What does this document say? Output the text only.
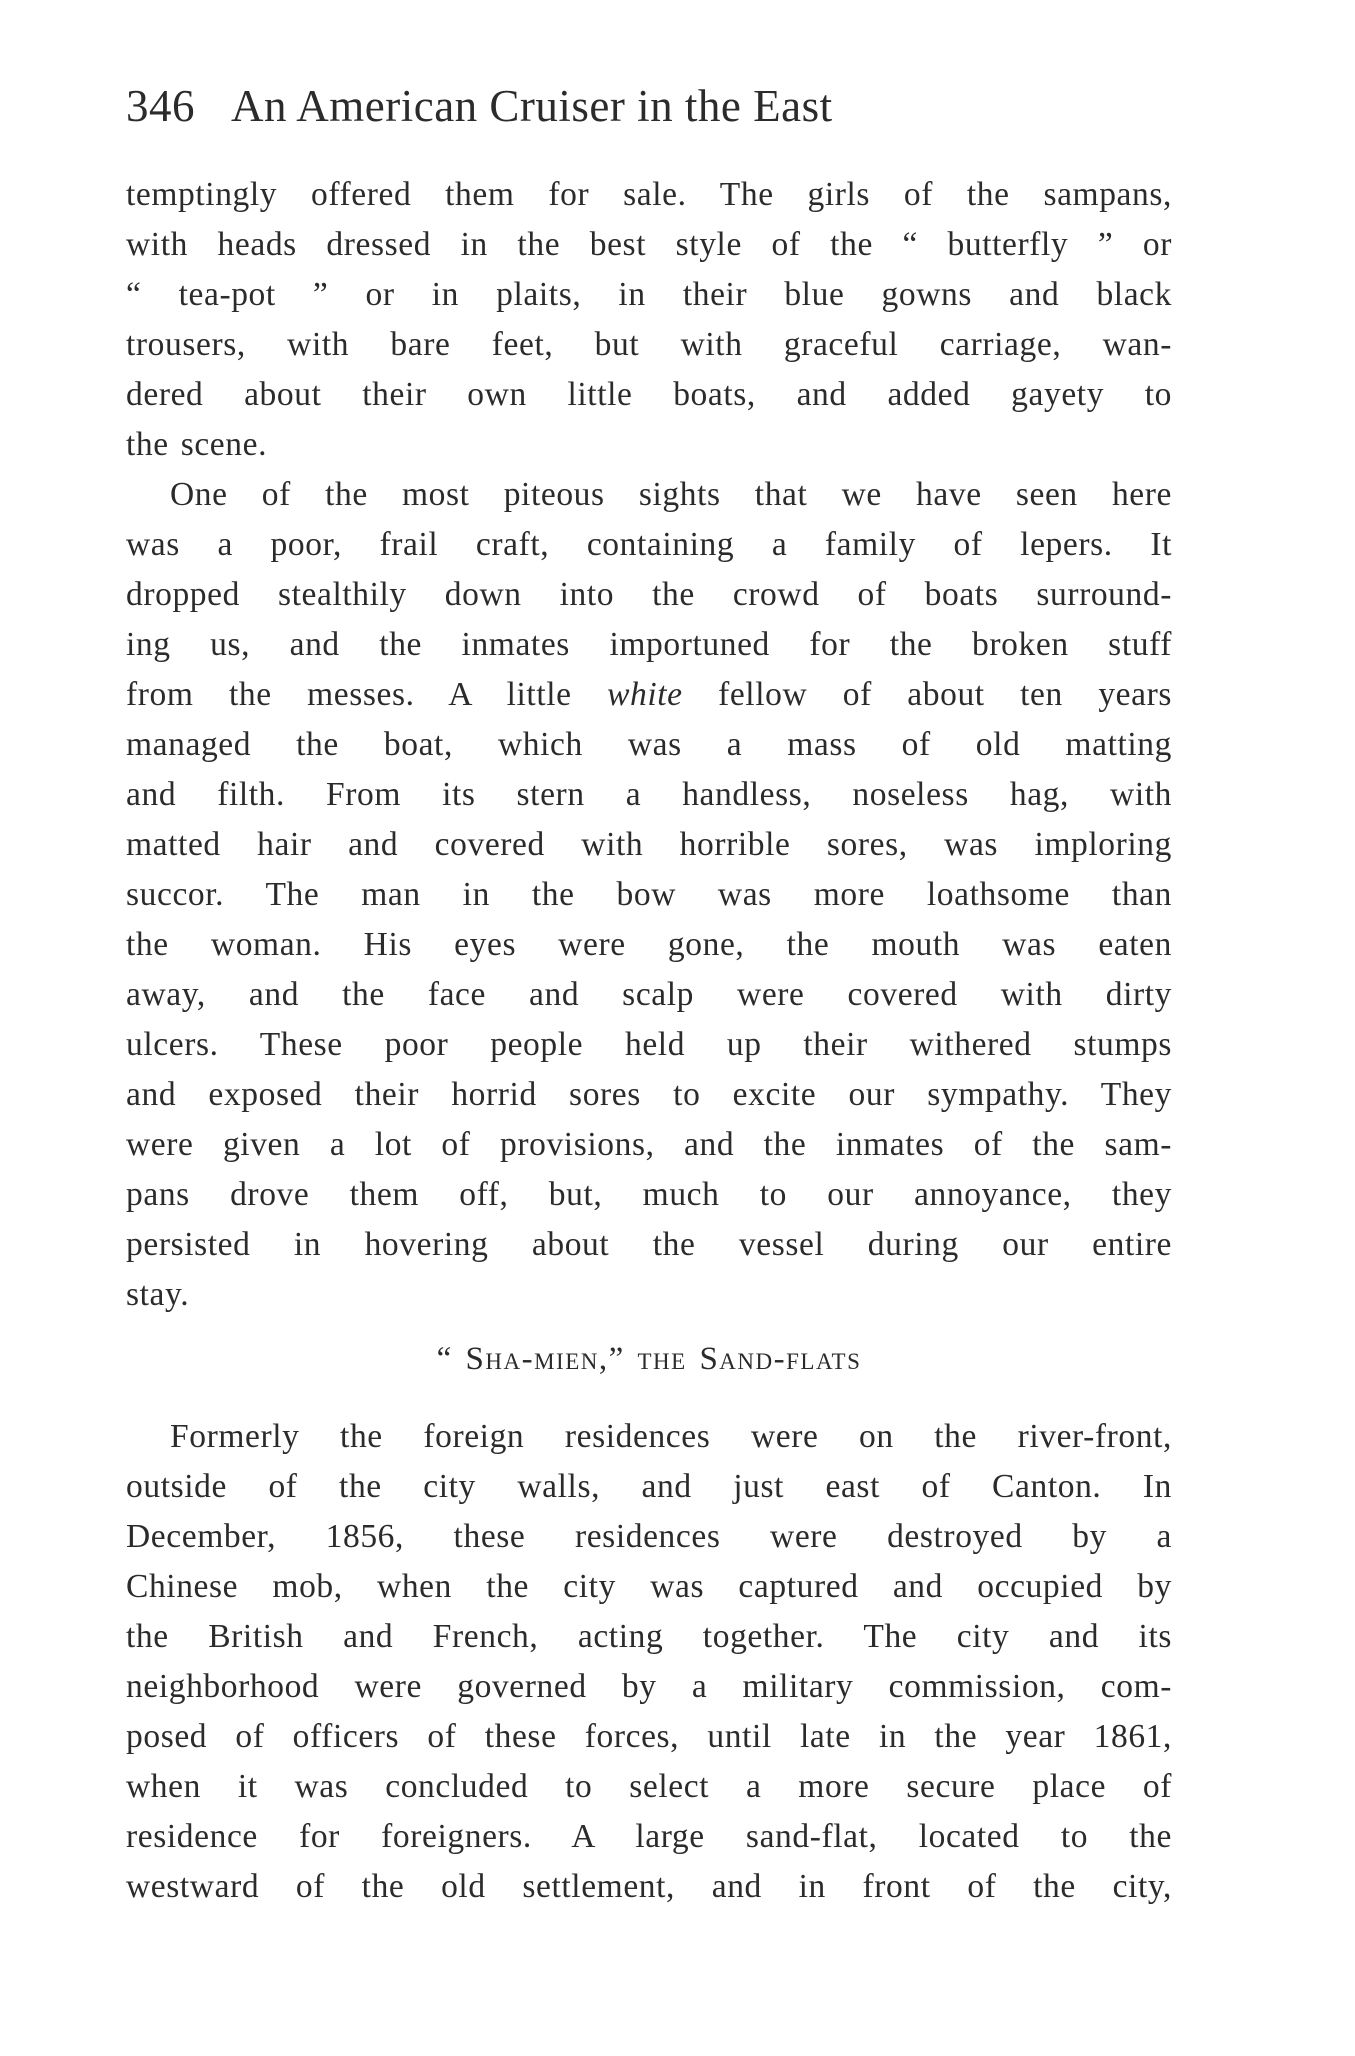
346 An American Cruiser in the East
temptingly offered them for sale. The girls of the sampans,
with heads dressed in the best style of the “ butterfly ” or
“ tea-pot ” or in plaits, in their blue gowns and black
trousers, with bare feet, but with graceful carriage, wan-
dered about their own little boats, and added gayety to
the scene.
One of the most piteous sights that we have seen here
was a poor, frail craft, containing a family of lepers. It
dropped stealthily down into the crowd of boats surround-
ing us, and the inmates importuned for the broken stuff
from the messes. A little white fellow of about ten years
managed the boat, which was a mass of old matting
and filth. From its stern a handless, noseless hag, with
matted hair and covered with horrible sores, was imploring
succor. The man in the bow was more loathsome than
the woman. His eyes were gone, the mouth was eaten
away, and the face and scalp were covered with dirty
ulcers. These poor people held up their withered stumps
and exposed their horrid sores to excite our sympathy. They
were given a lot of provisions, and the inmates of the sam-
pans drove them off, but, much to our annoyance, they
persisted in hovering about the vessel during our entire
stay.
“ Sha-mien,” the Sand-flats
Formerly the foreign residences were on the river-front,
outside of the city walls, and just east of Canton. In
December, 1856, these residences were destroyed by a
Chinese mob, when the city was captured and occupied by
the British and French, acting together. The city and its
neighborhood were governed by a military commission, com-
posed of officers of these forces, until late in the year 1861,
when it was concluded to select a more secure place of
residence for foreigners. A large sand-flat, located to the
westward of the old settlement, and in front of the city,
